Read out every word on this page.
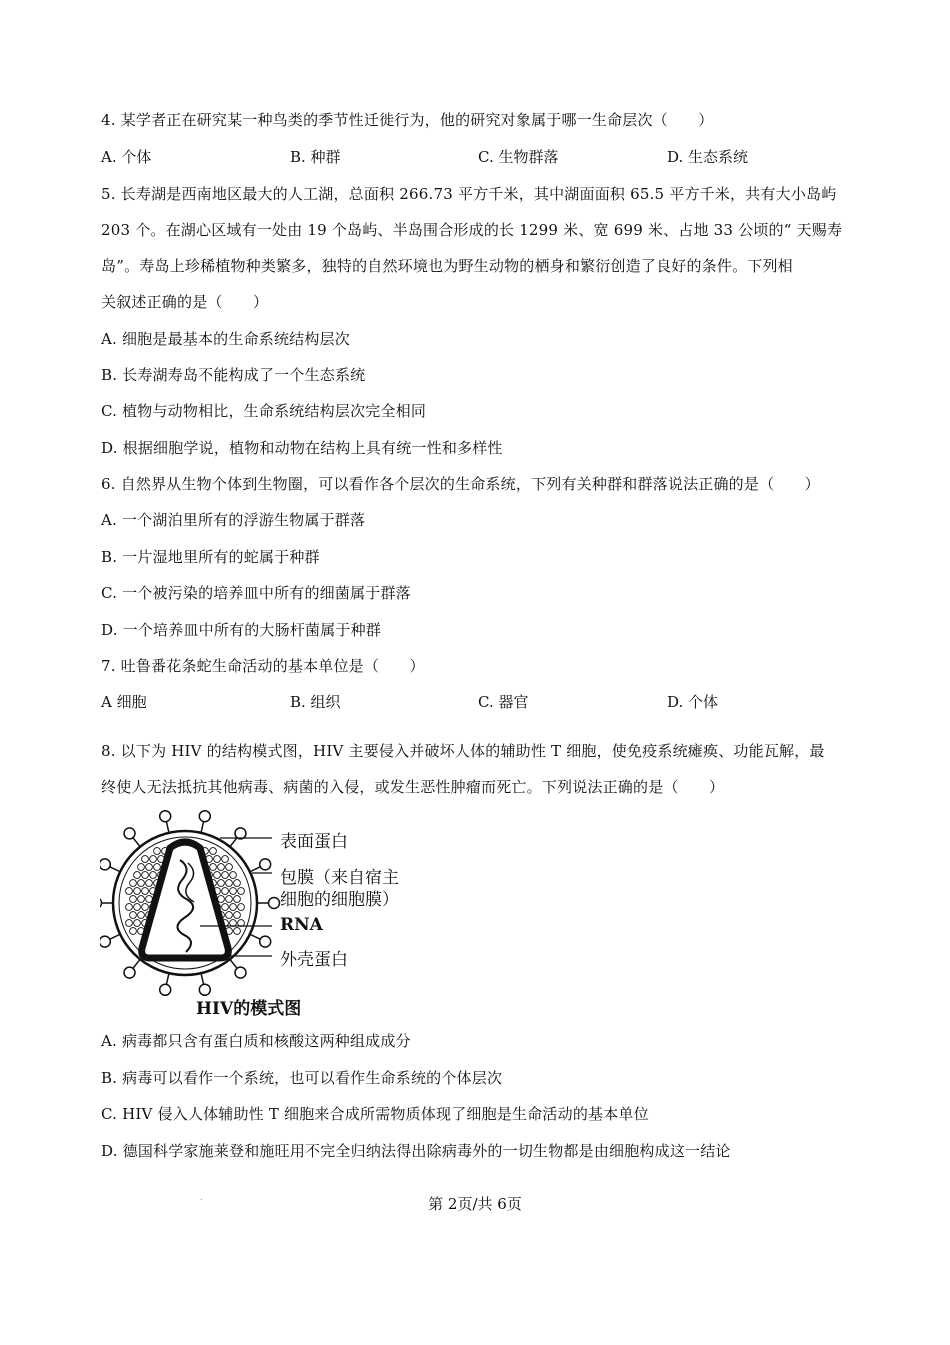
4. 某学者正在研究某一种鸟类的季节性迁徙行为，他的研究对象属于哪一生命层次（　　）
A. 个体	B. 种群	C. 生物群落	D. 生态系统
5. 长寿湖是西南地区最大的人工湖，总面积 266.73 平方千米，其中湖面面积 65.5 平方千米，共有大小岛屿
203 个。在湖心区域有一处由 19 个岛屿、半岛围合形成的长 1299 米、宽 699 米、占地 33 公顷的“ 天赐寿
岛”。寿岛上珍稀植物种类繁多，独特的自然环境也为野生动物的栖身和繁衍创造了良好的条件。下列相
关叙述正确的是（　　）
A. 细胞是最基本的生命系统结构层次
B. 长寿湖寿岛不能构成了一个生态系统
C. 植物与动物相比，生命系统结构层次完全相同
D. 根据细胞学说，植物和动物在结构上具有统一性和多样性
6. 自然界从生物个体到生物圈，可以看作各个层次的生命系统，下列有关种群和群落说法正确的是（　　）
A. 一个湖泊里所有的浮游生物属于群落
B. 一片湿地里所有的蛇属于种群
C. 一个被污染的培养皿中所有的细菌属于群落
D. 一个培养皿中所有的大肠杆菌属于种群
7. 吐鲁番花条蛇生命活动的基本单位是（　　）
A 细胞	B. 组织	C. 器官	D. 个体
8. 以下为 HIV 的结构模式图，HIV 主要侵入并破坏人体的辅助性 T 细胞，使免疫系统瘫痪、功能瓦解，最
终使人无法抵抗其他病毒、病菌的入侵，或发生恶性肿瘤而死亡。下列说法正确的是（　　）
表面蛋白
包膜（来自宿主
细胞的细胞膜）
RNA
外壳蛋白
HIV的模式图
A. 病毒都只含有蛋白质和核酸这两种组成成分
B. 病毒可以看作一个系统，也可以看作生命系统的个体层次
C. HIV 侵入人体辅助性 T 细胞来合成所需物质体现了细胞是生命活动的基本单位
D. 德国科学家施莱登和施旺用不完全归纳法得出除病毒外的一切生物都是由细胞构成这一结论
.	第 2页/共 6页
